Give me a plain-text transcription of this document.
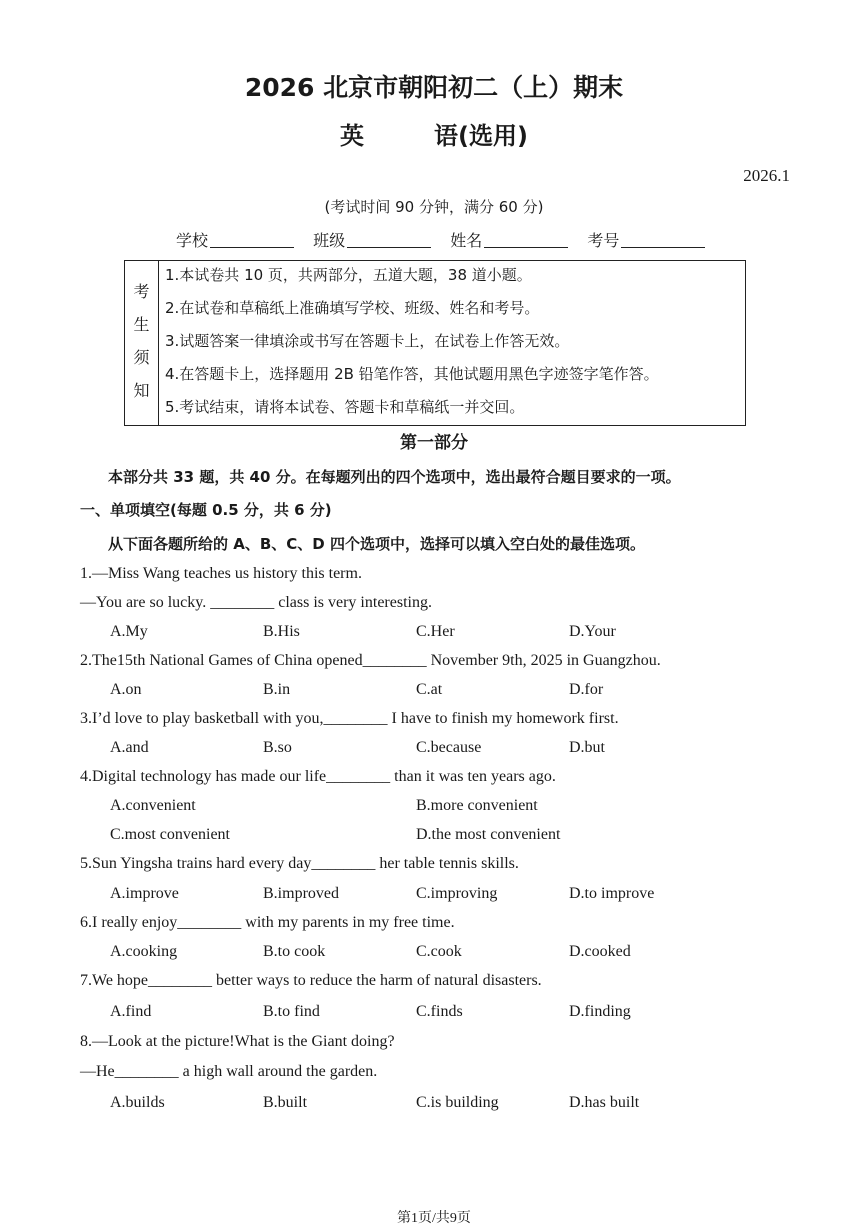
2026 北京市朝阳初二（上）期末
英	语(选用)
2026.1
(考试时间 90 分钟，满分 60 分)
学校	班级	姓名	考号
考
生
须
知
1.本试卷共 10 页，共两部分，五道大题，38 道小题。
2.在试卷和草稿纸上准确填写学校、班级、姓名和考号。
3.试题答案一律填涂或书写在答题卡上，在试卷上作答无效。
4.在答题卡上，选择题用 2B 铅笔作答，其他试题用黑色字迹签字笔作答。
5.考试结束，请将本试卷、答题卡和草稿纸一并交回。
第一部分
本部分共 33 题，共 40 分。在每题列出的四个选项中，选出最符合题目要求的一项。
一、单项填空(每题 0.5 分，共 6 分)
从下面各题所给的 A、B、C、D 四个选项中，选择可以填入空白处的最佳选项。
1.—Miss Wang teaches us history this term.
—You are so lucky. ________ class is very interesting.
A.My	B.His	C.Her	D.Your
2.The15th National Games of China opened________ November 9th, 2025 in Guangzhou.
A.on	B.in	C.at	D.for
3.I’d love to play basketball with you,________ I have to finish my homework first.
A.and	B.so	C.because	D.but
4.Digital technology has made our life________ than it was ten years ago.
A.convenient	B.more convenient
C.most convenient	D.the most convenient
5.Sun Yingsha trains hard every day________ her table tennis skills.
A.improve	B.improved	C.improving	D.to improve
6.I really enjoy________ with my parents in my free time.
A.cooking	B.to cook	C.cook	D.cooked
7.We hope________ better ways to reduce the harm of natural disasters.
A.find	B.to find	C.finds	D.finding
8.—Look at the picture!What is the Giant doing?
—He________ a high wall around the garden.
A.builds	B.built	C.is building	D.has built
第1页/共9页
